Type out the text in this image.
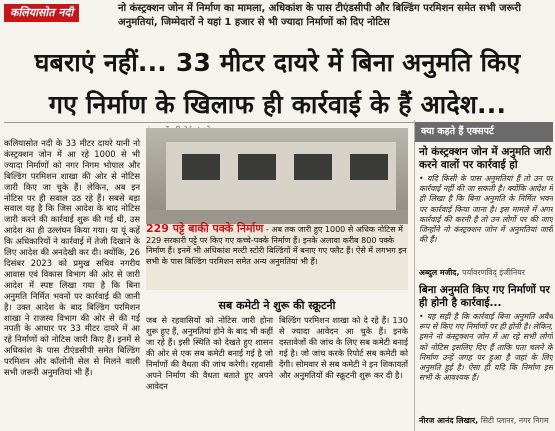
कलियासोत नदी	नो कंस्ट्रक्शन जोन में निर्माण का मामला, अधिकांश के पास टीएंडसीपी और बिल्डिंग परमिशन समेत सभी जरूरी अनुमतियां, जिम्मेदारों ने यहां 1 हजार से भी ज्यादा निर्माणों को दिए नोटिस
घबराएं नहीं... 33 मीटर दायरे में बिना अनुमति किए
गए निर्माण के खिलाफ ही कार्रवाई के हैं आदेश...
कलियासोत नदी के 33 मीटर दायरे यानी नो कंस्ट्रक्शन जोन में आ रहे 1000 से भी ज्यादा निर्माणों को नगर निगम भोपाल और बिल्डिंग परमिशन शाखा की ओर से नोटिस जारी किए जा चुके हैं। लेकिन, अब इन नोटिस पर ही सवाल उठ रहे हैं। सबसे बड़ा सवाल यह है कि जिस आदेश के बाद नोटिस जारी करने की कार्रवाई शुरू की गई थी, उस आदेश का ही उल्लंघन किया गया। या यूं कहें कि अधिकारियों ने कार्रवाई में तेजी दिखाने के लिए आदेश की अनदेखी कर दी। क्योंकि, 26 दिसंबर 2023 को प्रमुख सचिव नगरीय आवास एवं विकास विभाग की ओर से जारी आदेश में स्पष्ट लिखा गया है कि बिना अनुमति निर्मित भवनों पर कार्रवाई की जानी है। उक्त आदेश के बाद बिल्डिंग परमिशन शाखा ने राजस्व विभाग की ओर से की गई नपती के आधार पर 33 मीटर दायरे में आ रहे निर्माणों को नोटिस जारी किए हैं। इनमें से अधिकांश के पास टीएंडसीपी समेत बिल्डिंग परमिशन और कॉलोनी सेल से मिलने वाली सभी जरूरी अनुमतियां भी हैं।
229 पट्टे बाकी पक्के निर्माण - अब तक जारी हुए 1000 से अधिक नोटिस में 229 सरकारी पट्टे पर किए गए कच्चे-पक्के निर्माण हैं। इनके अलावा करीब 800 पक्के निर्माण हैं। इनमें भी अधिकांश मल्टी स्टोरी बिल्डिंगों में बनाए गए फ्लैट हैं। ऐसे में लगभग इन सभी के पास बिल्डिंग परमिशन समेत अन्य अनुमतियां भी हैं।
सब कमेटी ने शुरू की स्क्रूटनी
जब से रहवासियों को नोटिस जारी होना शुरू हुए हैं, अनुमतियां होने के बाद भी कहीं जा रहे हैं। इसी स्थिति को देखते हुए शासन की ओर से एक सब कमेटी बनाई गई है जो निर्माणों की वैधता की जांच करेगी। रहवासी अपने निर्माण की वैधता बताते हुए अपने आवेदन
बिल्डिंग परमिशन शाखा को दे रहे हैं। 130 से ज्यादा आवेदन आ चुके हैं। इनके दस्तावेजों की जांच के लिए सब कमेटी बनाई गई है। जो जांच करके रिपोर्ट सब कमेटी को देंगी। सोमवार से सब कमेटी ने इन शिकायतों और अनुमतियों की स्क्रूटनी शुरू कर दी है।
क्या कहते हैं एक्सपर्ट
नो कंस्ट्रक्शन जोन में अनुमति जारी करने वालों पर कार्रवाई हो
• यदि किसी के पास अनुमतियां हैं तो उन पर कार्रवाई नहीं की जा सकती है। क्योंकि आदेश में ही लिखा है कि बिना अनुमति के निर्मित भवन पर कार्रवाई किया जाना है। इस मामले में अगर कार्रवाई की करनी है तो उन लोगों पर की जाए जिन्होंने नो कंस्ट्रक्शन जोन में अनुमतियां जारी की हैं।
अब्दुल मजीद, पर्यावरणविद् इंजीनियर
बिना अनुमति किए गए निर्माणों पर ही होनी है कार्रवाई...
• यह सही है कि कार्रवाई बिना अनुमति अवैध रूप से किए गए निर्माणों पर ही होनी है। लेकिन, हमने नो कंस्ट्रक्शन जोन में आ रहे सभी लोगों को नोटिस इसलिए दिए हैं ताकि पता चलने के निर्माण उन्हें जगह पर हुआ है जहां के लिए अनुमति हुई है। ऐसा ही यदि कि निर्माण इस सभी के आवश्यक हैं।
नीरज आनंद लिखार, सिटी प्लानर, नगर निगम
